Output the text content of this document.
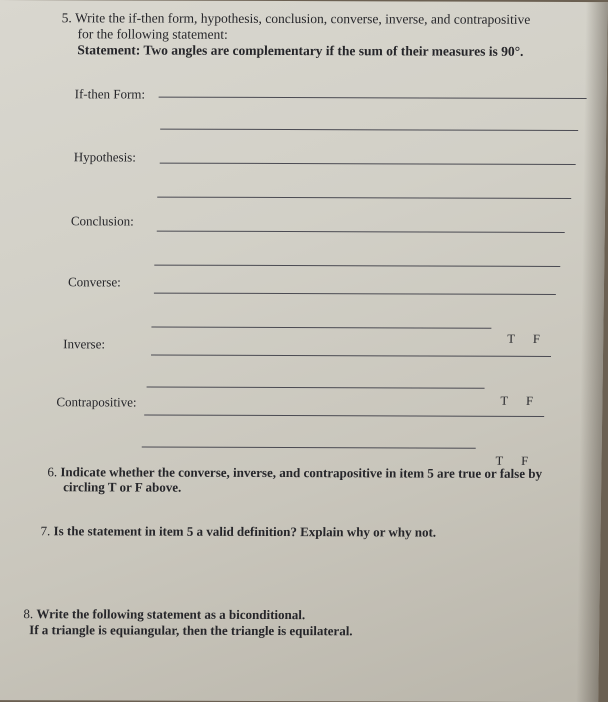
5. Write the if-then form, hypothesis, conclusion, converse, inverse, and contrapositive
for the following statement:
Statement: Two angles are complementary if the sum of their measures is 90°.
If-then Form:
Hypothesis:
Conclusion:
Converse:
T F
Inverse:
T F
Contrapositive:
T F
6. Indicate whether the converse, inverse, and contrapositive in item 5 are true or false by
circling T or F above.
7. Is the statement in item 5 a valid definition? Explain why or why not.
8. Write the following statement as a biconditional.
If a triangle is equiangular, then the triangle is equilateral.
